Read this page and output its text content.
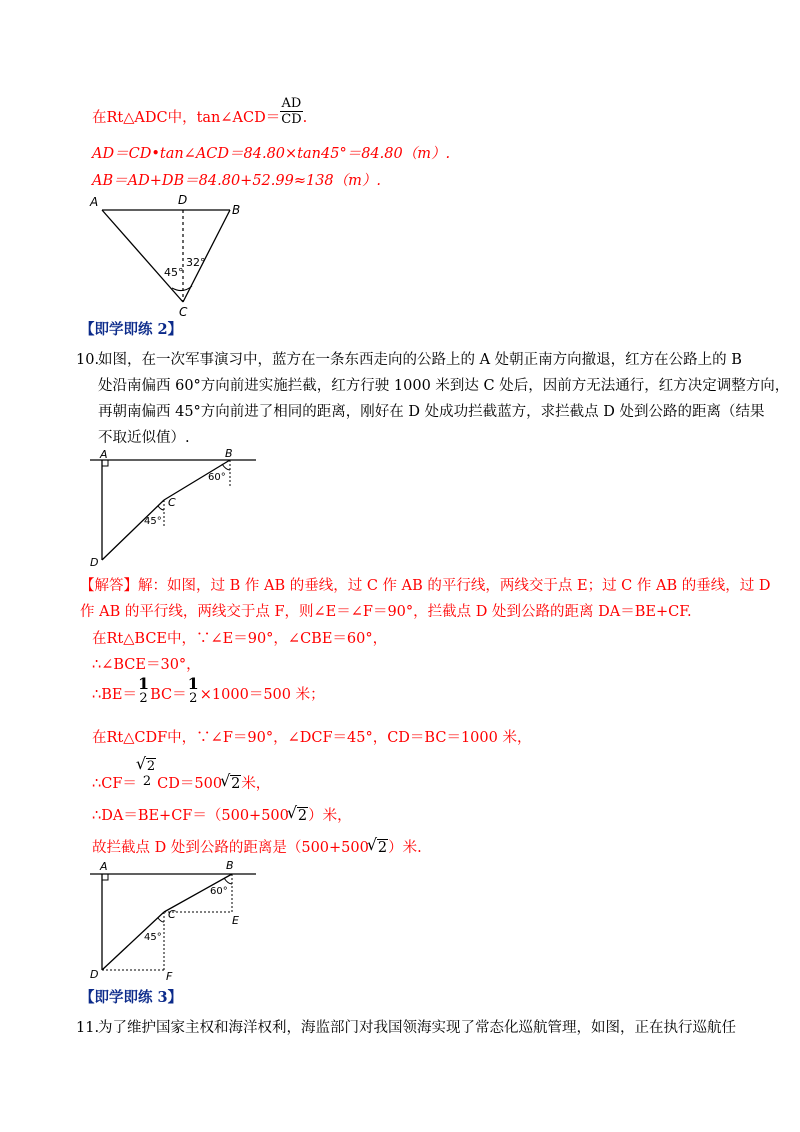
在Rt△ADC中，tan∠ACD＝ $\frac{AD}{CD}$ .
AD＝CD•tan∠ACD＝84.80×tan45°＝84.80（m）.
AB＝AD+DB＝84.80+52.99≈138（m）.
A	D
B
C
45°
32°
【即学即练 2】
10.
如图，在一次军事演习中，蓝方在一条东西走向的公路上的 A 处朝正南方向撤退，红方在公路上的 B
处沿南偏西 60°方向前进实施拦截，红方行驶 1000 米到达 C 处后，因前方无法通行，红方决定调整方向，
再朝南偏西 45°方向前进了相同的距离，刚好在 D 处成功拦截蓝方，求拦截点 D 处到公路的距离（结果
不取近似值）.
A	B
C
D
60°
45°
【解答】解：如图，过 B 作 AB 的垂线，过 C 作 AB 的平行线，两线交于点 E；过 C 作 AB 的垂线，过 D
作 AB 的平行线，两线交于点 F，则∠E＝∠F＝90°，拦截点 D 处到公路的距离 DA＝BE+CF.
在Rt△BCE中，∵∠E＝90°，∠CBE＝60°，
∴∠BCE＝30°，
∴BE＝
1
2 BC＝
1
2 ×1000＝500 米；
在Rt△CDF中，∵∠F＝90°，∠DCF＝45°，CD＝BC＝1000 米，
∴CF＝
√ 2
2 CD＝500 √ 2米，
∴DA＝BE+CF＝（500+500 √ 2）米，
故拦截点 D 处到公路的距离是（500+500 √ 2）米.
A	B
C
D
E
F
60°
45°
【即学即练 3】
11.
为了维护国家主权和海洋权利，海监部门对我国领海实现了常态化巡航管理，如图，正在执行巡航任
